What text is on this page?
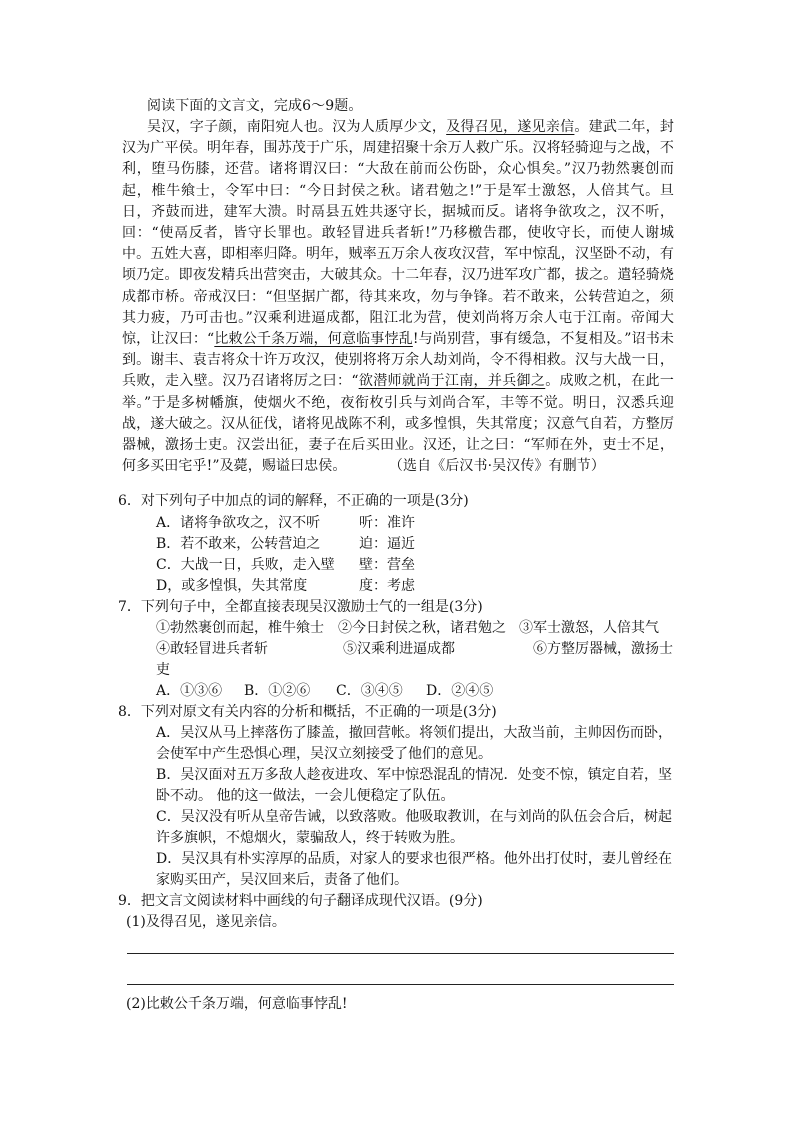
阅读下面的文言文，完成6～9题。
吴汉，字子颜，南阳宛人也。汉为人质厚少文，及得召见，遂见亲信。建武二年，封汉为广平侯。明年春，围苏茂于广乐，周建招聚十余万人救广乐。汉将轻骑迎与之战，不利，堕马伤膝，还营。诸将谓汉曰：“大敌在前而公伤卧，众心惧矣。”汉乃勃然裹创而起，椎牛飨士，令军中曰：“今日封侯之秋。诸君勉之!”于是军士激怒，人倍其气。旦日，齐鼓而进，建军大溃。时鬲县五姓共逐守长，据城而反。诸将争欲攻之，汉不听，回：“使鬲反者，皆守长罪也。敢轻冒进兵者斩!”乃移檄告郡，使收守长，而使人谢城中。五姓大喜，即相率归降。明年，贼率五万余人夜攻汉营，军中惊乱，汉坚卧不动，有顷乃定。即夜发精兵出营突击，大破其众。十二年春，汉乃进军攻广都，拔之。遣轻骑烧成都市桥。帝戒汉曰：“但坚据广都，待其来攻，勿与争锋。若不敢来，公转营迫之，须其力疲，乃可击也。”汉乘利进逼成都，阻江北为营，使刘尚将万余人屯于江南。帝闻大惊，让汉曰：“比敕公千条万端，何意临事悖乱!与尚别营，事有缓急，不复相及。”诏书未到。谢丰、袁吉将众十许万攻汉，使别将将万余人劫刘尚，令不得相救。汉与大战一日，兵败，走入壁。汉乃召诸将厉之曰：“欲潜师就尚于江南，并兵御之。成败之机，在此一举。”于是多树幡旗，使烟火不绝，夜衔枚引兵与刘尚合军，丰等不觉。明日，汉悉兵迎战，遂大破之。汉从征伐，诸将见战陈不利，或多惶惧，失其常度；汉意气自若，方整厉器械，激扬士吏。汉尝出征，妻子在后买田业。汉还，让之曰：“军师在外，吏士不足，何多买田宅乎!”及薨，赐谥曰忠侯。　　　　	（选自《后汉书·吴汉传》有删节）
6．对下列句子中加点的词的解释，不正确的一项是(3分)
A．诸将争欲攻之，汉不听	听：准许
B．若不敢来，公转营迫之	迫：逼近
C．大战一日，兵败，走入壁 壁：营垒
D，或多惶惧，失其常度	度：考虑
7．下列句子中，全都直接表现吴汉激励士气的一组是(3分)
①勃然裹创而起，椎牛飨士 ②今日封侯之秋，诸君勉之 ③军士激怒，人倍其气
④敢轻冒进兵者斩	⑤汉乘利进逼成都	⑥方整厉器械，激扬士
吏
A．①③⑥ B．①②⑥ C．③④⑤ D．②④⑤
8．下列对原文有关内容的分析和概括，不正确的一项是(3分)
A．吴汉从马上摔落伤了膝盖，撤回营帐。将领们提出，大敌当前，主帅因伤而卧，会使军中产生恐惧心理，吴汉立刻接受了他们的意见。
B．吴汉面对五万多敌人趁夜进攻、军中惊恐混乱的情况．处变不惊，镇定自若，坚卧不动。 他的这一做法，一会儿便稳定了队伍。
C．吴汉没有听从皇帝告诫，以致落败。他吸取教训，在与刘尚的队伍会合后，树起许多旗帜，不熄烟火，蒙骗敌人，终于转败为胜。
D．吴汉具有朴实淳厚的品质，对家人的要求也很严格。他外出打仗时，妻儿曾经在家购买田产，吴汉回来后，责备了他们。
9．把文言文阅读材料中画线的句子翻译成现代汉语。(9分)
(1)及得召见，遂见亲信。
(2)比敕公千条万端，何意临事悖乱!
